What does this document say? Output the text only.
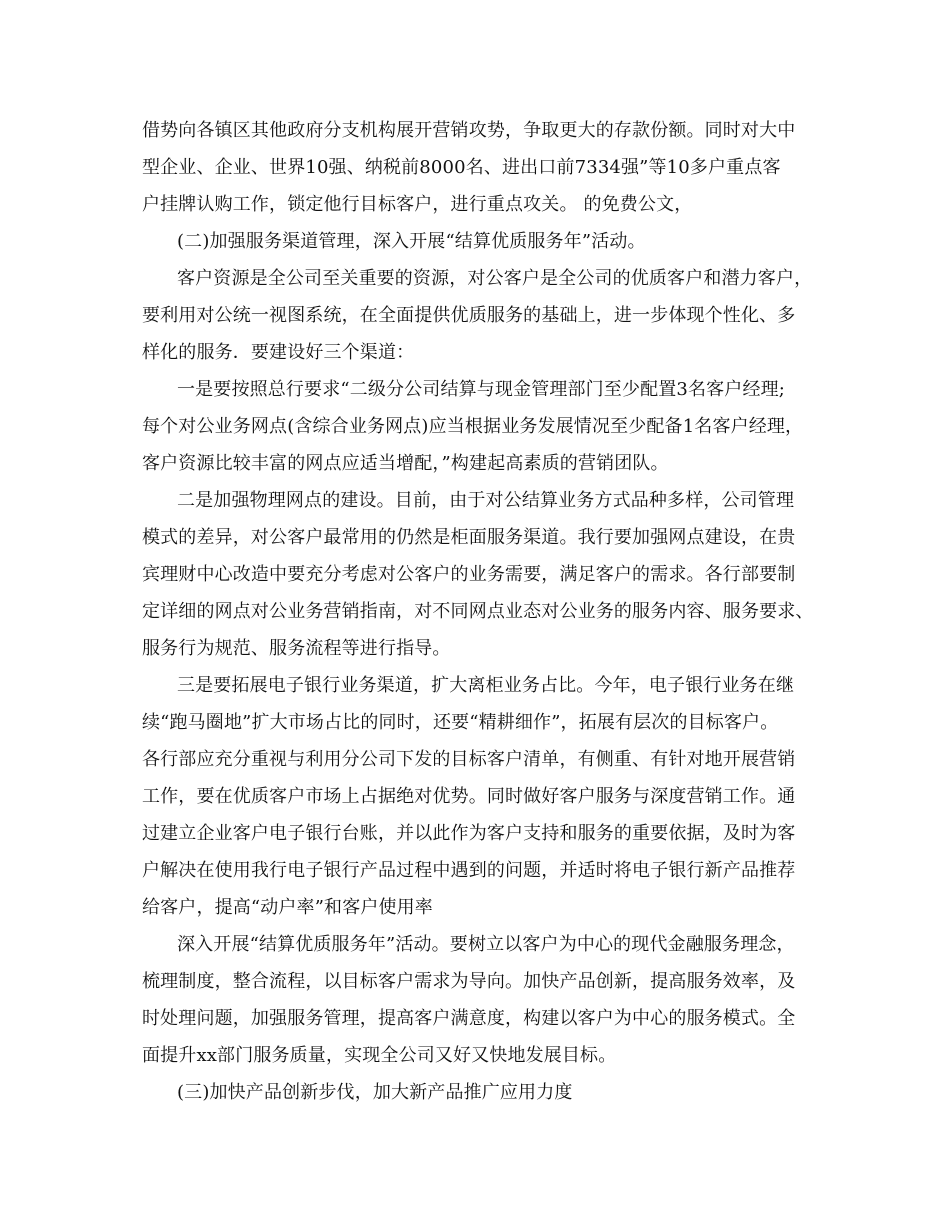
借势向各镇区其他政府分支机构展开营销攻势，争取更大的存款份额。同时对大中
型企业、企业、世界10强、纳税前8000名、进出口前7334强”等10多户重点客
户挂牌认购工作，锁定他行目标客户，进行重点攻关。 的免费公文，
(二)加强服务渠道管理，深入开展“结算优质服务年”活动。
客户资源是全公司至关重要的资源，对公客户是全公司的优质客户和潜力客户，
要利用对公统一视图系统，在全面提供优质服务的基础上，进一步体现个性化、多
样化的服务．要建设好三个渠道：
一是要按照总行要求“二级分公司结算与现金管理部门至少配置3名客户经理;
每个对公业务网点(含综合业务网点)应当根据业务发展情况至少配备1名客户经理，
客户资源比较丰富的网点应适当增配，”构建起高素质的营销团队。
二是加强物理网点的建设。目前，由于对公结算业务方式品种多样，公司管理
模式的差异，对公客户最常用的仍然是柜面服务渠道。我行要加强网点建设，在贵
宾理财中心改造中要充分考虑对公客户的业务需要，满足客户的需求。各行部要制
定详细的网点对公业务营销指南，对不同网点业态对公业务的服务内容、服务要求、
服务行为规范、服务流程等进行指导。
三是要拓展电子银行业务渠道，扩大离柜业务占比。今年，电子银行业务在继
续“跑马圈地”扩大市场占比的同时，还要“精耕细作”，拓展有层次的目标客户。
各行部应充分重视与利用分公司下发的目标客户清单，有侧重、有针对地开展营销
工作，要在优质客户市场上占据绝对优势。同时做好客户服务与深度营销工作。通
过建立企业客户电子银行台账，并以此作为客户支持和服务的重要依据，及时为客
户解决在使用我行电子银行产品过程中遇到的问题，并适时将电子银行新产品推荐
给客户，提高“动户率”和客户使用率
深入开展“结算优质服务年”活动。要树立以客户为中心的现代金融服务理念，
梳理制度，整合流程，以目标客户需求为导向。加快产品创新，提高服务效率，及
时处理问题，加强服务管理，提高客户满意度，构建以客户为中心的服务模式。全
面提升xx部门服务质量，实现全公司又好又快地发展目标。
(三)加快产品创新步伐，加大新产品推广应用力度
